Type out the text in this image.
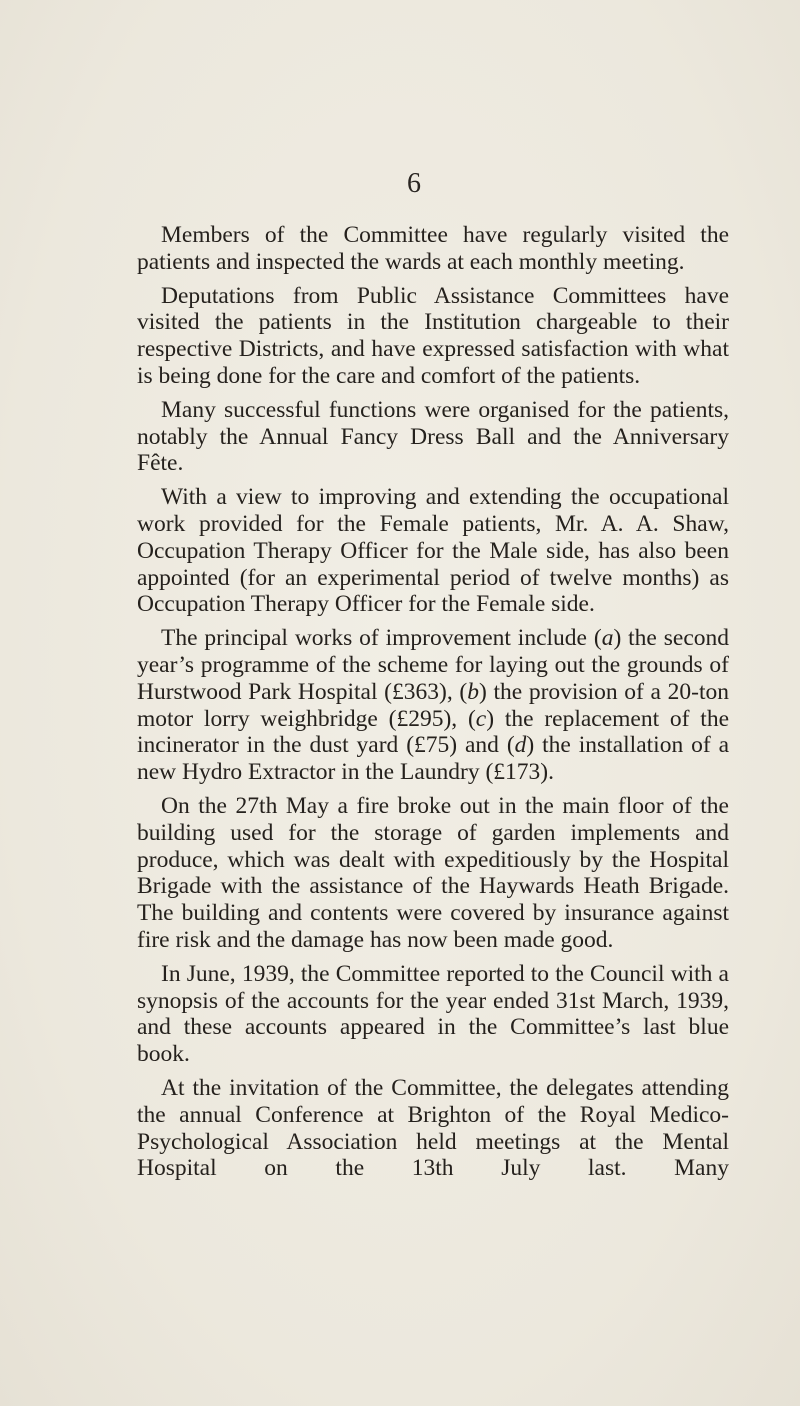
6

Members of the Committee have regularly visited the patients and inspected the wards at each monthly meeting.

Deputations from Public Assistance Committees have visited the patients in the Institution chargeable to their respective Districts, and have expressed satisfaction with what is being done for the care and comfort of the patients.

Many successful functions were organised for the patients, notably the Annual Fancy Dress Ball and the Anniversary Fête.

With a view to improving and extending the occupational work provided for the Female patients, Mr. A. A. Shaw, Occupation Therapy Officer for the Male side, has also been appointed (for an experimental period of twelve months) as Occupation Therapy Officer for the Female side.

The principal works of improvement include (a) the second year’s programme of the scheme for laying out the grounds of Hurstwood Park Hospital (£363), (b) the provision of a 20-ton motor lorry weighbridge (£295), (c) the replacement of the incinerator in the dust yard (£75) and (d) the installation of a new Hydro Extractor in the Laundry (£173).

On the 27th May a fire broke out in the main floor of the building used for the storage of garden implements and produce, which was dealt with expeditiously by the Hospital Brigade with the assistance of the Haywards Heath Brigade. The building and contents were covered by insurance against fire risk and the damage has now been made good.

In June, 1939, the Committee reported to the Council with a synopsis of the accounts for the year ended 31st March, 1939, and these accounts appeared in the Committee’s last blue book.

At the invitation of the Committee, the delegates attending the annual Conference at Brighton of the Royal Medico-Psychological Association held meetings at the Mental Hospital on the 13th July last. Many
